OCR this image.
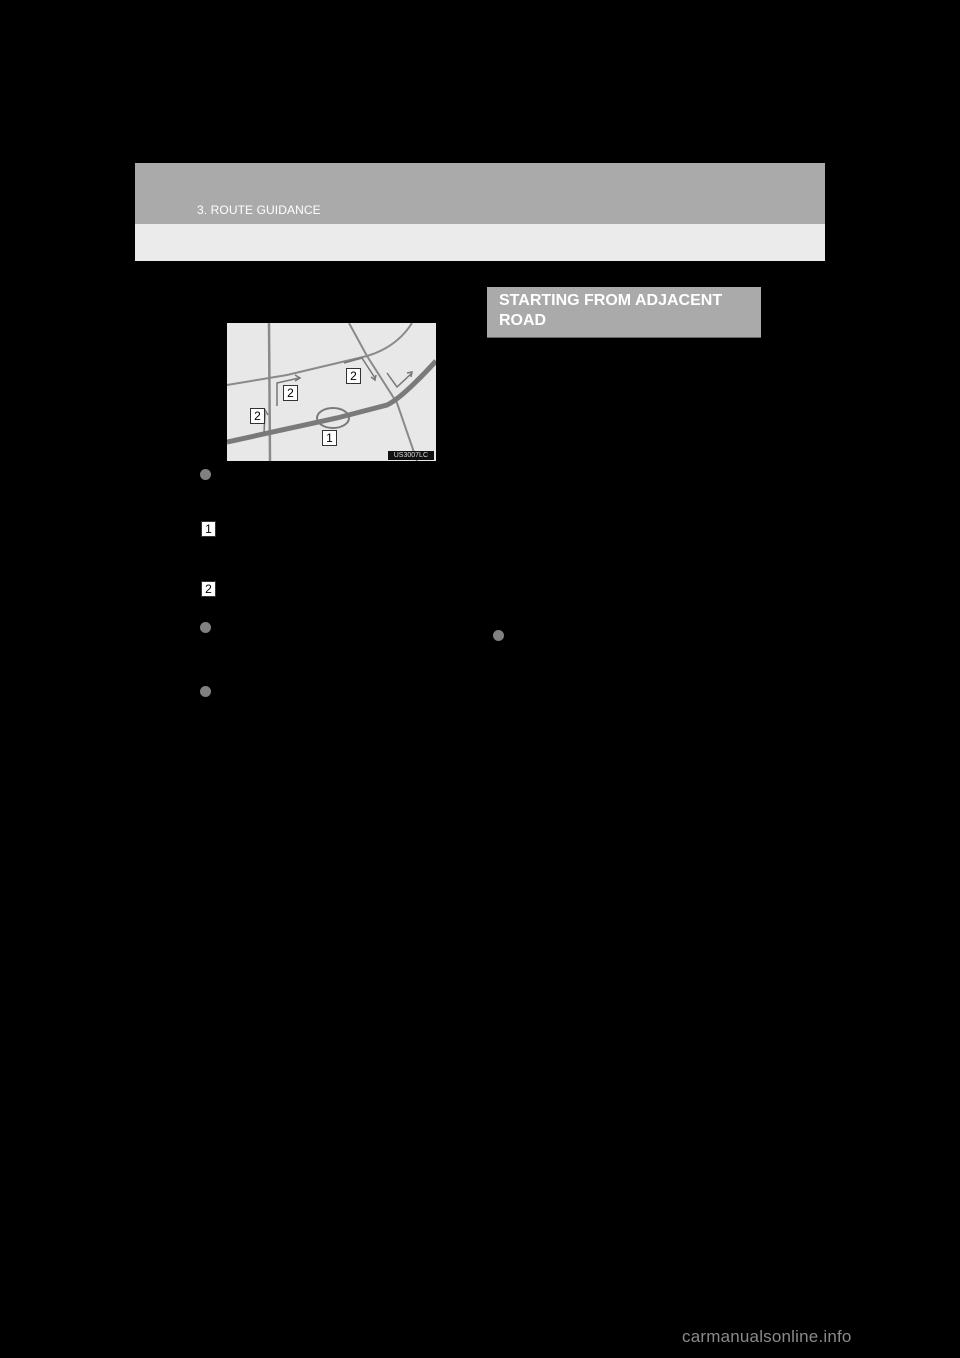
3. ROUTE GUIDANCE
2
2
2
1
US3007LC
1
2
STARTING FROM ADJACENT ROAD
carmanualsonline.info
